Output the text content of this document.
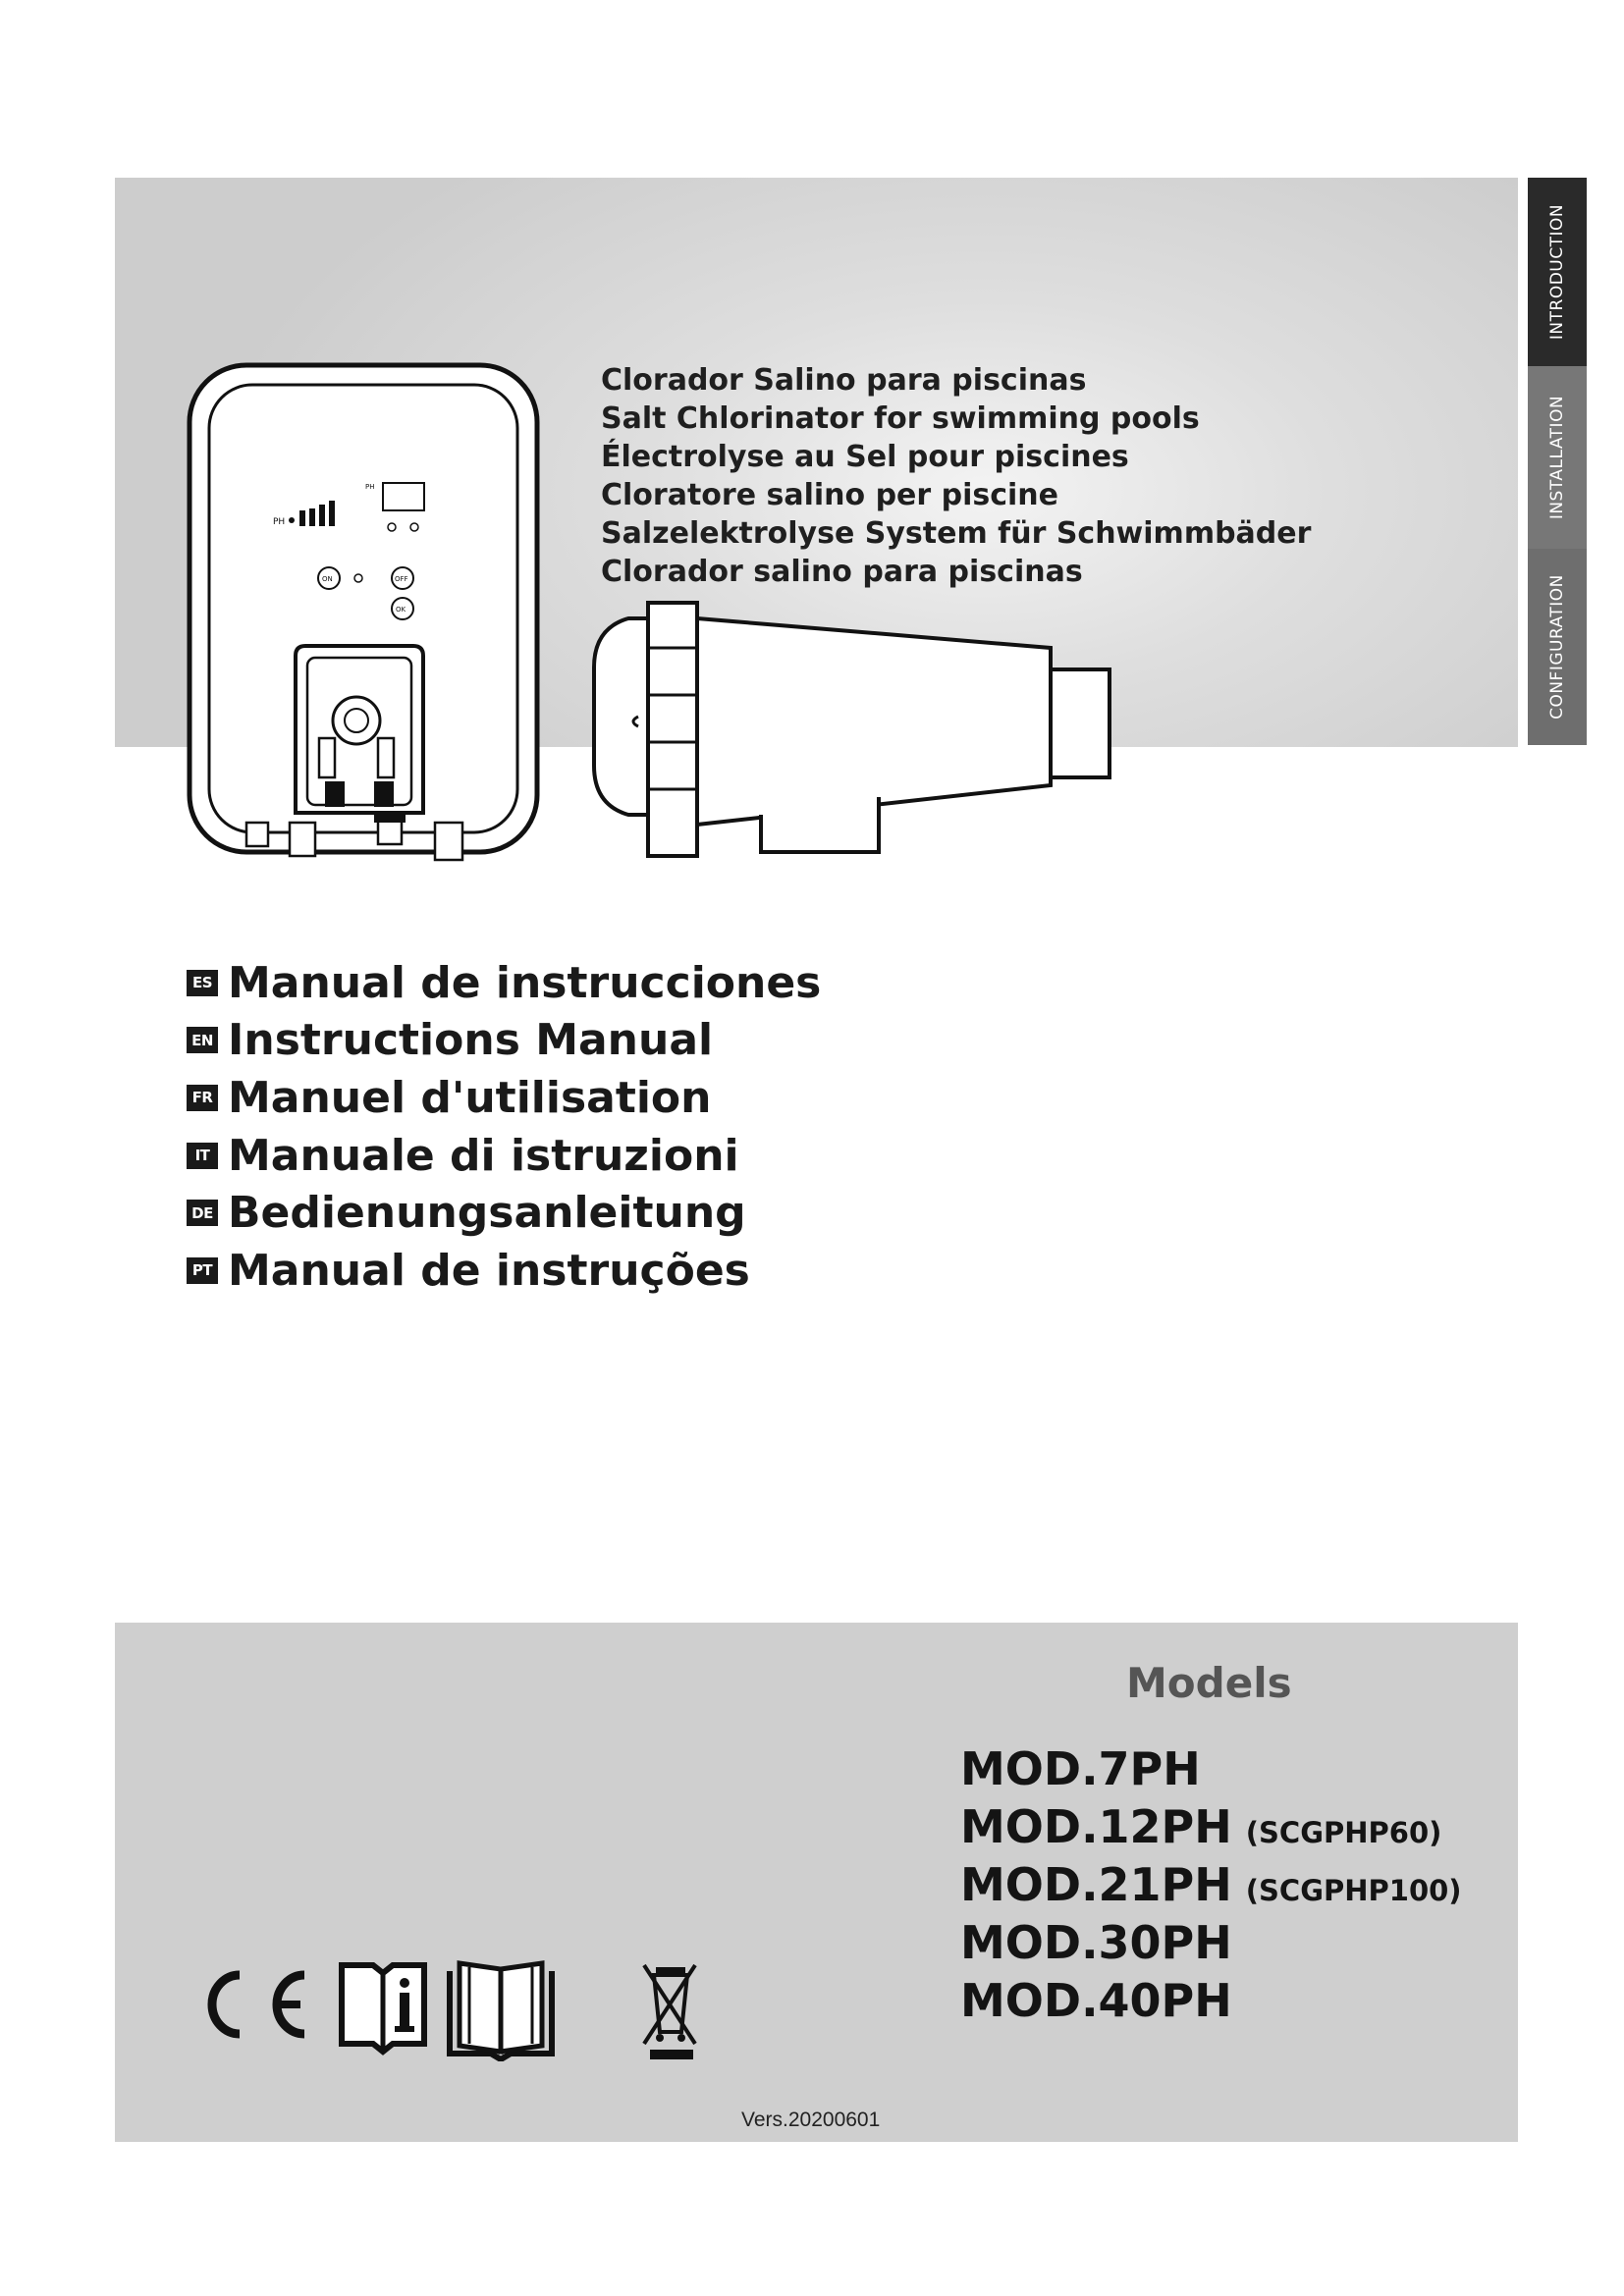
INTRODUCTION
INSTALLATION
CONFIGURATION
Clorador Salino para piscinas
Salt Chlorinator for swimming pools
Électrolyse au Sel pour piscines
Cloratore salino per piscine
Salzelektrolyse System für Schwimmbäder
Clorador salino para piscinas
PH
PH
ON	OFF
OK
ES Manual de instrucciones
EN Instructions Manual
FR Manuel d'utilisation
IT Manuale di istruzioni
DE Bedienungsanleitung
PT Manual de instruções
Models
MOD.7PH
MOD.12PH (SCGPHP60)
MOD.21PH (SCGPHP100)
MOD.30PH
MOD.40PH
Vers.20200601
